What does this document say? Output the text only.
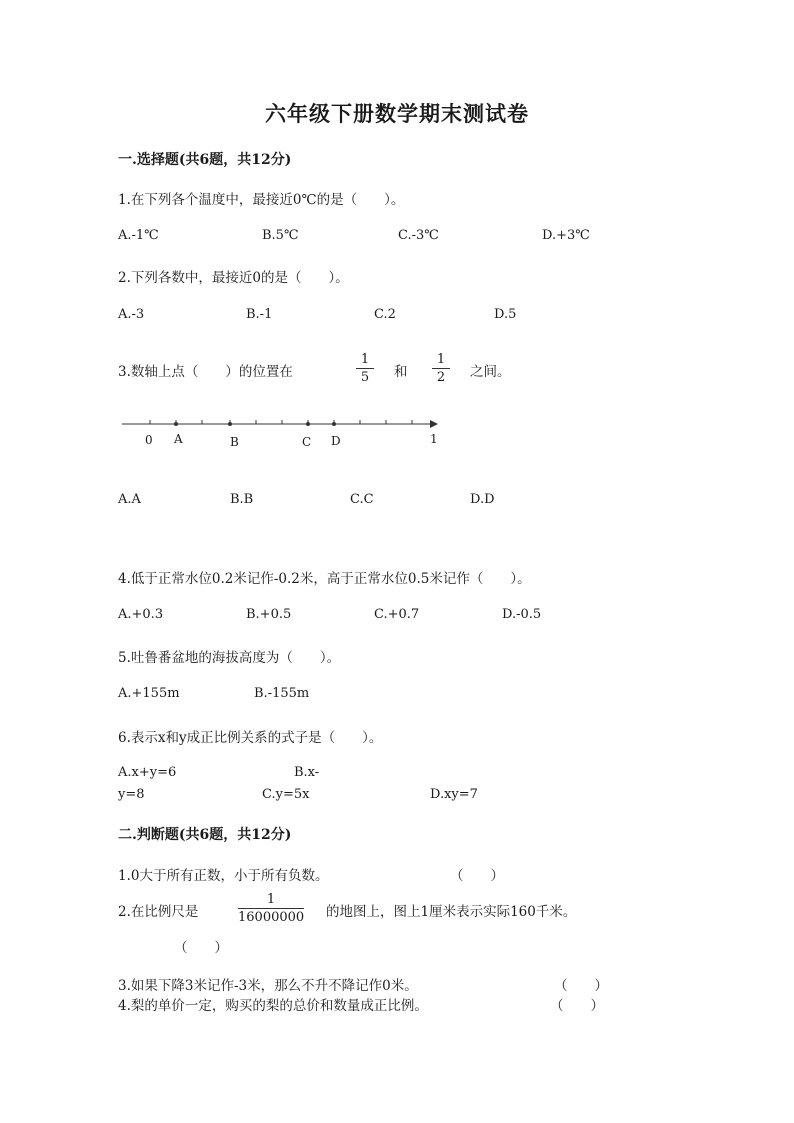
六年级下册数学期末测试卷
一.选择题(共6题，共12分)
1.在下列各个温度中，最接近0℃的是（　　）。
A.-1℃	B.5℃	C.-3℃	D.+3℃
2.下列各数中，最接近0的是（　　）。
A.-3	B.-1	C.2	D.5
3.数轴上点（　　）的位置在
1
5	和
1
2	之间。
0 A	B	C D	1
A.A	B.B	C.C	D.D
4.低于正常水位0.2米记作-0.2米，高于正常水位0.5米记作（　　）。
A.+0.3	B.+0.5	C.+0.7	D.-0.5
5.吐鲁番盆地的海拔高度为（　　）。
A.+155m	B.-155m
6.表示x和y成正比例关系的式子是（　　）。
A.x+y=6	B.x-
y=8	C.y=5x	D.xy=7
二.判断题(共6题，共12分)
1.0大于所有正数，小于所有负数。	（　　）
2.在比例尺是
1
16000000 的地图上，图上1厘米表示实际160千米。
（　　）
3.如果下降3米记作-3米，那么不升不降记作0米。	（　　）
4.梨的单价一定，购买的梨的总价和数量成正比例。	（　　）
